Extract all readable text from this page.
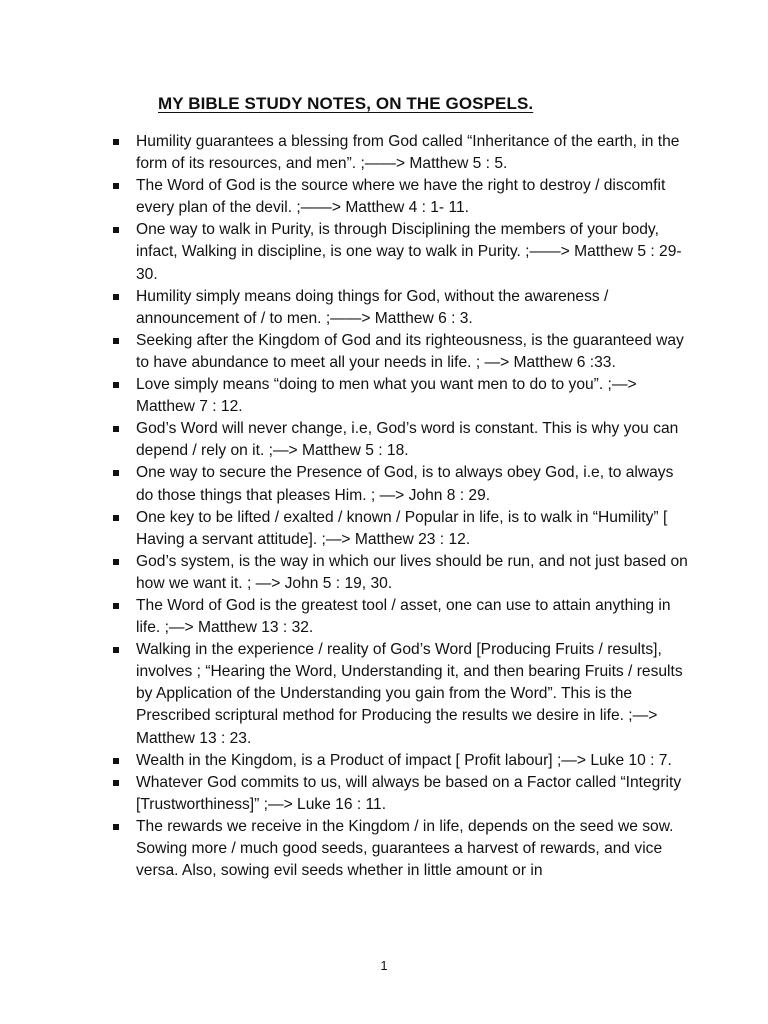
MY BIBLE STUDY NOTES, ON THE GOSPELS.
Humility guarantees a blessing from God called “Inheritance of the earth, in the form of its resources, and men”. ;——> Matthew 5 : 5.
The Word of God is the source where we have the right to destroy / discomfit every plan of the devil. ;——> Matthew 4 : 1- 11.
One way to walk in Purity, is through Disciplining the members of your body, infact, Walking in discipline, is one way to walk in Purity. ;——> Matthew 5 : 29- 30.
Humility simply means doing things for God, without the awareness / announcement of / to men. ;——> Matthew 6 : 3.
Seeking after the Kingdom of God and its righteousness, is the guaranteed way to have abundance to meet all your needs in life. ; —> Matthew 6 :33.
Love simply means “doing to men what you want men to do to you”. ;—> Matthew 7 : 12.
God’s Word will never change, i.e, God’s word is constant. This is why you can depend / rely on it. ;—> Matthew 5 : 18.
One way to secure the Presence of God, is to always obey God, i.e, to always do those things that pleases Him. ; —> John 8 : 29.
One key to be lifted / exalted / known / Popular in life, is to walk in “Humility” [ Having a servant attitude]. ;—> Matthew 23 : 12.
God’s system, is the way in which our lives should be run, and not just based on how we want it. ; —> John 5 : 19, 30.
The Word of God is the greatest tool / asset, one can use to attain anything in life. ;—> Matthew 13 : 32.
Walking in the experience / reality of God’s Word [Producing Fruits / results], involves ; “Hearing the Word, Understanding it, and then bearing Fruits / results by Application of the Understanding you gain from the Word”. This is the Prescribed scriptural method for Producing the results we desire in life. ;—> Matthew 13 : 23.
Wealth in the Kingdom, is a Product of impact [ Profit labour] ;—> Luke 10 : 7.
Whatever God commits to us, will always be based on a Factor called “Integrity [Trustworthiness]” ;—> Luke 16 : 11.
The rewards we receive in the Kingdom / in life, depends on the seed we sow. Sowing more / much good seeds, guarantees a harvest of rewards, and vice versa. Also, sowing evil seeds whether in little amount or in

1
